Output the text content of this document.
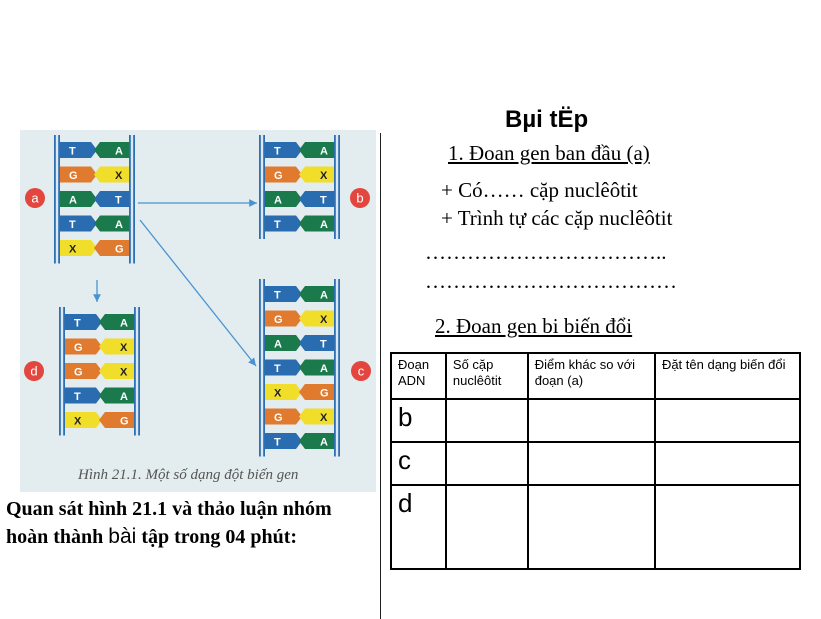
T	A
G	X
A	T
T	A
X	G
T	A
G	X
A	T
T	A
T	A
G	X
G	X
T	A
X	G
T	A
G	X
A	T
T	A
X	G
G	X
T	A
a	b
d	c
Hình 21.1. Một số dạng đột biến gen
Bµi tËp
1. Đoan gen ban đầu (a)
+ Có…… cặp nuclêôtit
+ Trình tự các cặp nuclêôtit
……………………………..
………………………………
2. Đoan gen bi biến đổi
Đoạn ADN	Số cặp nuclêôtit	Điểm khác so với đoạn (a)	Đặt tên dạng biến đổi
b			
c			
d			
Quan sát hình 21.1 và thảo luận nhóm
hoàn thành bài tập trong 04 phút:
